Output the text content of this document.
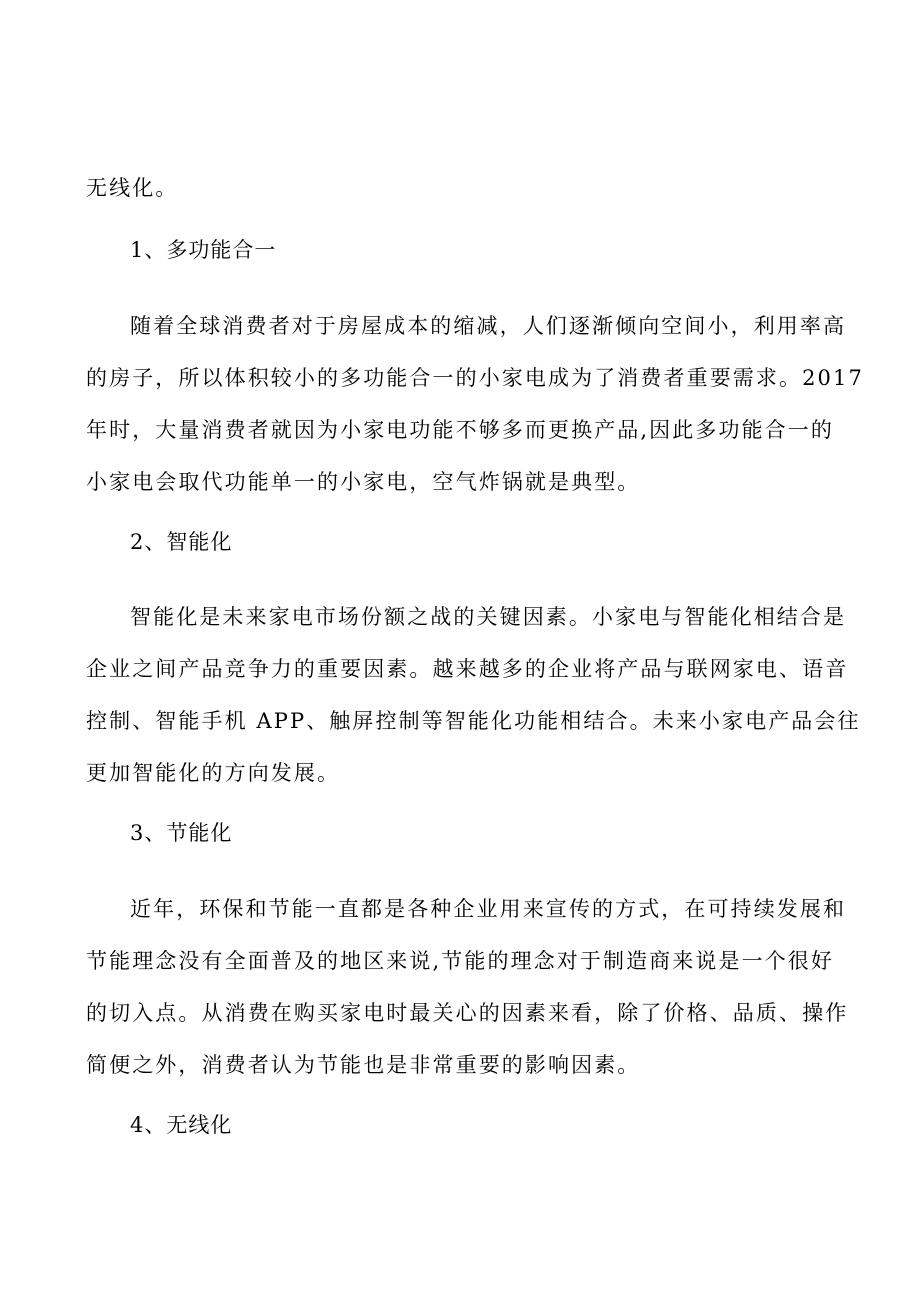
无线化。

1、多功能合一

随着全球消费者对于房屋成本的缩减，人们逐渐倾向空间小，利用率高

的房子，所以体积较小的多功能合一的小家电成为了消费者重要需求。2017

年时，大量消费者就因为小家电功能不够多而更换产品,因此多功能合一的

小家电会取代功能单一的小家电，空气炸锅就是典型。

2、智能化

智能化是未来家电市场份额之战的关键因素。小家电与智能化相结合是

企业之间产品竞争力的重要因素。越来越多的企业将产品与联网家电、语音

控制、智能手机 APP、触屏控制等智能化功能相结合。未来小家电产品会往

更加智能化的方向发展。

3、节能化

近年，环保和节能一直都是各种企业用来宣传的方式，在可持续发展和

节能理念没有全面普及的地区来说,节能的理念对于制造商来说是一个很好

的切入点。从消费在购买家电时最关心的因素来看，除了价格、品质、操作

简便之外，消费者认为节能也是非常重要的影响因素。

4、无线化
